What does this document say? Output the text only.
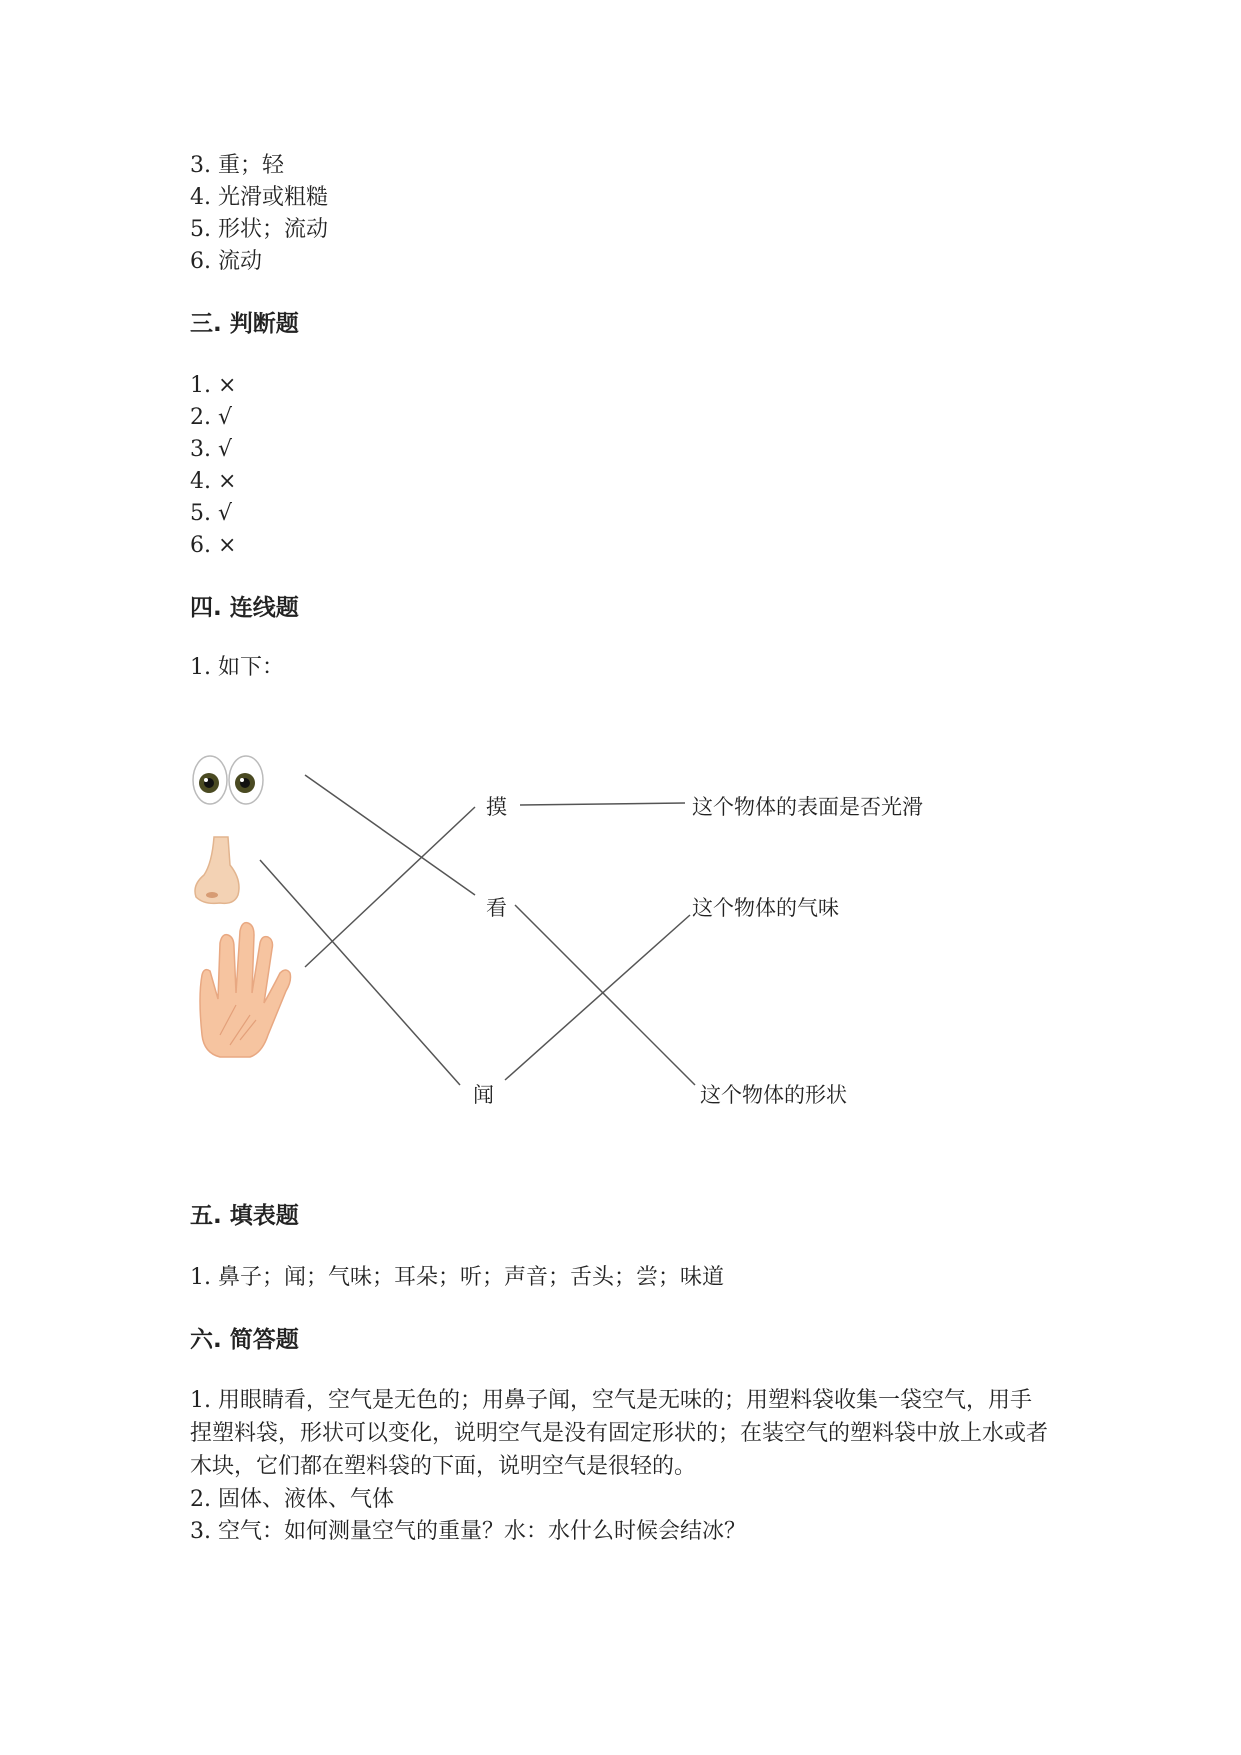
3. 重；轻
4. 光滑或粗糙
5. 形状；流动
6. 流动
三. 判断题
1. ×
2. √
3. √
4. ×
5. √
6. ×
四. 连线题
1. 如下：
摸
看
闻
这个物体的表面是否光滑
这个物体的气味
这个物体的形状
五. 填表题
1. 鼻子；闻；气味；耳朵；听；声音；舌头；尝；味道
六. 简答题
1. 用眼睛看，空气是无色的；用鼻子闻，空气是无味的；用塑料袋收集一袋空气，用手捏塑料袋，形状可以变化，说明空气是没有固定形状的；在装空气的塑料袋中放上水或者木块，它们都在塑料袋的下面，说明空气是很轻的。
2. 固体、液体、气体
3. 空气：如何测量空气的重量？水：水什么时候会结冰？
